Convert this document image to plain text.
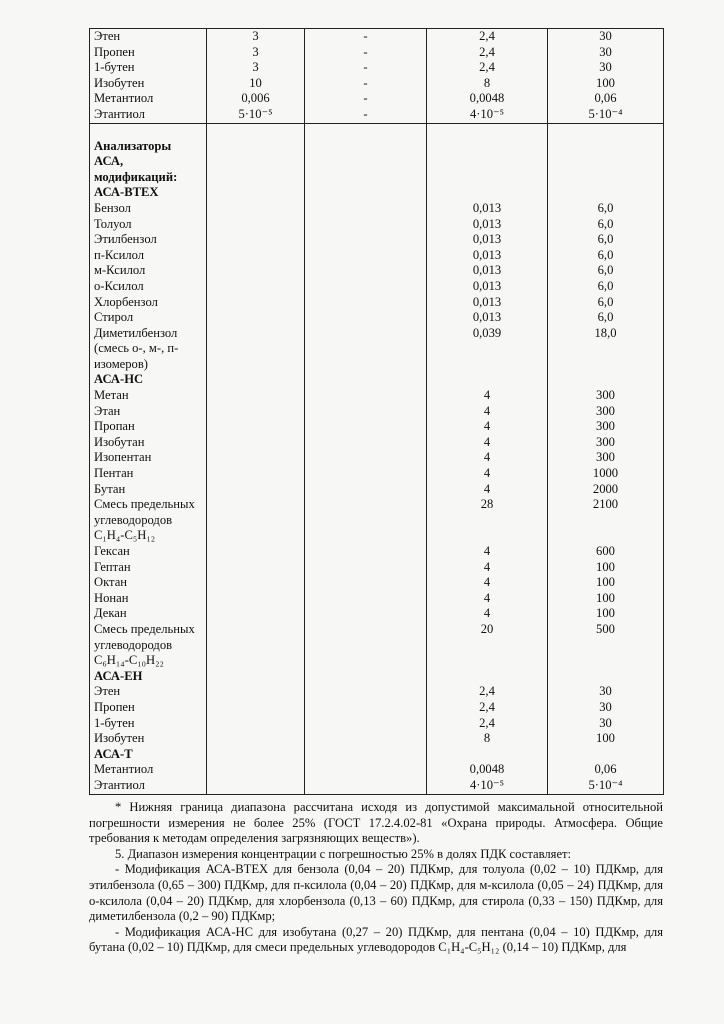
Этен	3	-	2,4	30
Пропен	3	-	2,4	30
1-бутен	3	-	2,4	30
Изобутен	10	-	8	100
Метантиол	0,006	-	0,0048	0,06
Этантиол	5·10⁻⁵	-	4·10⁻⁵	5·10⁻⁴

Анализаторы АСА, модификаций:				
АСА-BTEX				
Бензол			0,013	6,0
Толуол			0,013	6,0
Этилбензол			0,013	6,0
п-Ксилол			0,013	6,0
м-Ксилол			0,013	6,0
о-Ксилол			0,013	6,0
Хлорбензол			0,013	6,0
Стирол			0,013	6,0
Диметилбензол (смесь о-, м-, п-изомеров)			0,039	18,0
АСА-НС				
Метан			4	300
Этан			4	300
Пропан			4	300
Изобутан			4	300
Изопентан			4	300
Пентан			4	1000
Бутан			4	2000
Смесь предельных углеводородов C₁H₄-C₅H₁₂			28	2100
Гексан			4	600
Гептан			4	100
Октан			4	100
Нонан			4	100
Декан			4	100
Смесь предельных углеводородов C₆H₁₄-C₁₀H₂₂			20	500
АСА-ЕН				
Этен			2,4	30
Пропен			2,4	30
1-бутен			2,4	30
Изобутен			8	100
АСА-Т				
Метантиол			0,0048	0,06
Этантиол			4·10⁻⁵	5·10⁻⁴

* Нижняя граница диапазона рассчитана исходя из допустимой максимальной относительной погрешности измерения не более 25% (ГОСТ 17.2.4.02-81 «Охрана природы. Атмосфера. Общие требования к методам определения загрязняющих веществ»).

5. Диапазон измерения концентрации с погрешностью 25% в долях ПДК составляет:

- Модификация АСА-BTEX для бензола (0,04 – 20) ПДКмр, для толуола (0,02 – 10) ПДКмр, для этилбензола (0,65 – 300) ПДКмр, для п-ксилола (0,04 – 20) ПДКмр, для м-ксилола (0,05 – 24) ПДКмр, для о-ксилола (0,04 – 20) ПДКмр, для хлорбензола (0,13 – 60) ПДКмр, для стирола (0,33 – 150) ПДКмр, для диметилбензола (0,2 – 90) ПДКмр;

- Модификация АСА-НС для изобутана (0,27 – 20) ПДКмр, для пентана (0,04 – 10) ПДКмр, для бутана (0,02 – 10) ПДКмр, для смеси предельных углеводородов C₁H₄-C₅H₁₂ (0,14 – 10) ПДКмр, для
